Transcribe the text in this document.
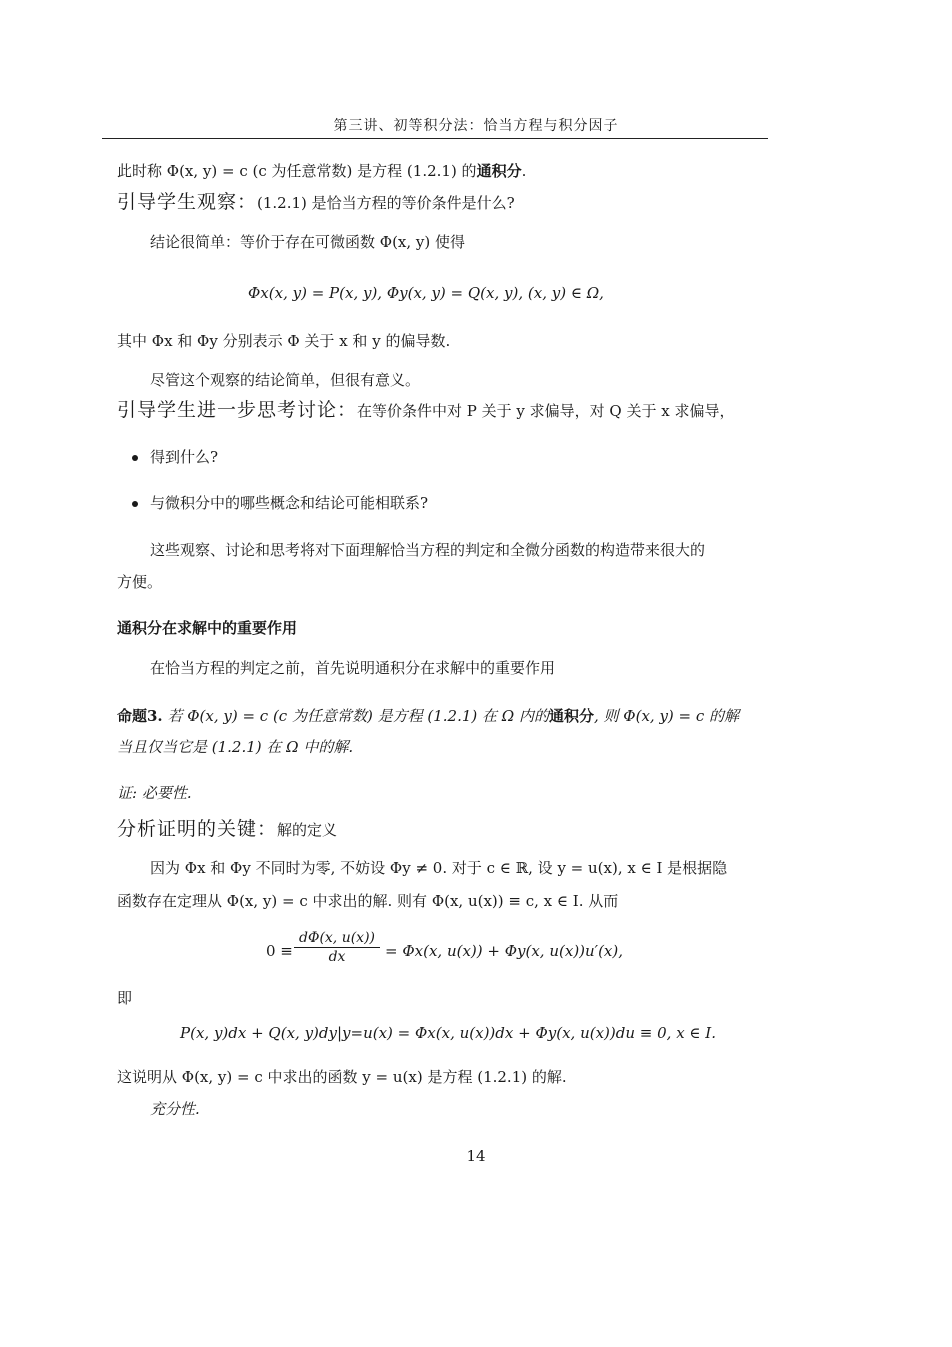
第三讲、初等积分法：恰当方程与积分因子
此时称 Φ(x, y) = c (c 为任意常数) 是方程 (1.2.1) 的通积分.
引导学生观察：(1.2.1) 是恰当方程的等价条件是什么?
结论很简单：等价于存在可微函数 Φ(x, y) 使得
Φx(x, y) = P(x, y), Φy(x, y) = Q(x, y), (x, y) ∈ Ω,
其中 Φx 和 Φy 分别表示 Φ 关于 x 和 y 的偏导数.
尽管这个观察的结论简单，但很有意义。
引导学生进一步思考讨论：在等价条件中对 P 关于 y 求偏导，对 Q 关于 x 求偏导，
得到什么?
与微积分中的哪些概念和结论可能相联系?
这些观察、讨论和思考将对下面理解恰当方程的判定和全微分函数的构造带来很大的
方便。
通积分在求解中的重要作用
在恰当方程的判定之前，首先说明通积分在求解中的重要作用
命题3. 若 Φ(x, y) = c (c 为任意常数) 是方程 (1.2.1) 在 Ω 内的通积分, 则 Φ(x, y) = c 的解
当且仅当它是 (1.2.1) 在 Ω 中的解.
证: 必要性.
分析证明的关键：解的定义
因为 Φx 和 Φy 不同时为零, 不妨设 Φy ≠ 0. 对于 c ∈ ℝ, 设 y = u(x), x ∈ I 是根据隐
函数存在定理从 Φ(x, y) = c 中求出的解. 则有 Φ(x, u(x)) ≡ c, x ∈ I. 从而
0 ≡
dΦ(x, u(x))
dx	= Φx(x, u(x)) + Φy(x, u(x))u′(x),
即
P(x, y)dx + Q(x, y)dy|y=u(x) = Φx(x, u(x))dx + Φy(x, u(x))du ≡ 0, x ∈ I.
这说明从 Φ(x, y) = c 中求出的函数 y = u(x) 是方程 (1.2.1) 的解.
充分性.
14
